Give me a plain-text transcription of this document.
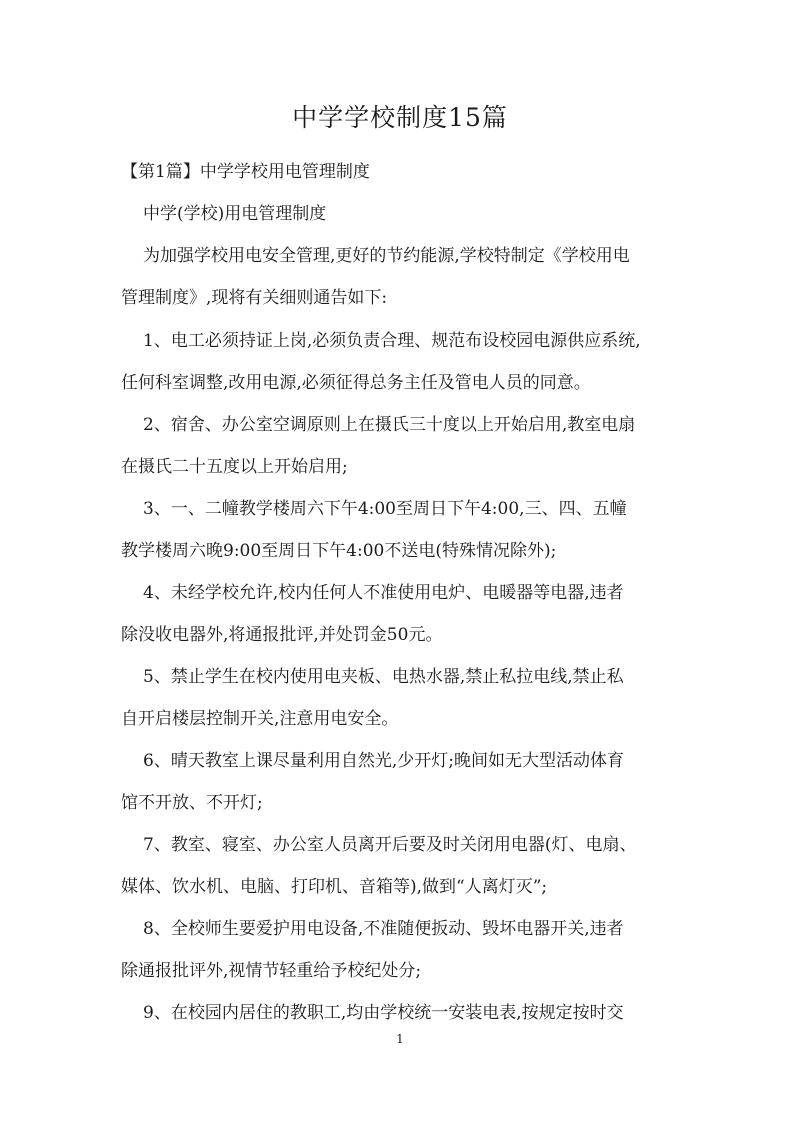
中学学校制度15篇
【第1篇】中学学校用电管理制度
中学(学校)用电管理制度
为加强学校用电安全管理,更好的节约能源,学校特制定《学校用电
管理制度》,现将有关细则通告如下:
1、电工必须持证上岗,必须负责合理、规范布设校园电源供应系统,
任何科室调整,改用电源,必须征得总务主任及管电人员的同意。
2、宿舍、办公室空调原则上在摄氏三十度以上开始启用,教室电扇
在摄氏二十五度以上开始启用;
3、一、二幢教学楼周六下午4:00至周日下午4:00,三、四、五幢
教学楼周六晚9:00至周日下午4:00不送电(特殊情况除外);
4、未经学校允许,校内任何人不准使用电炉、电暖器等电器,违者
除没收电器外,将通报批评,并处罚金50元。
5、禁止学生在校内使用电夹板、电热水器,禁止私拉电线,禁止私
自开启楼层控制开关,注意用电安全。
6、晴天教室上课尽量利用自然光,少开灯;晚间如无大型活动体育
馆不开放、不开灯;
7、教室、寝室、办公室人员离开后要及时关闭用电器(灯、电扇、
媒体、饮水机、电脑、打印机、音箱等),做到“人离灯灭”;
8、全校师生要爱护用电设备,不准随便扳动、毁坏电器开关,违者
除通报批评外,视情节轻重给予校纪处分;
9、在校园内居住的教职工,均由学校统一安装电表,按规定按时交
1
